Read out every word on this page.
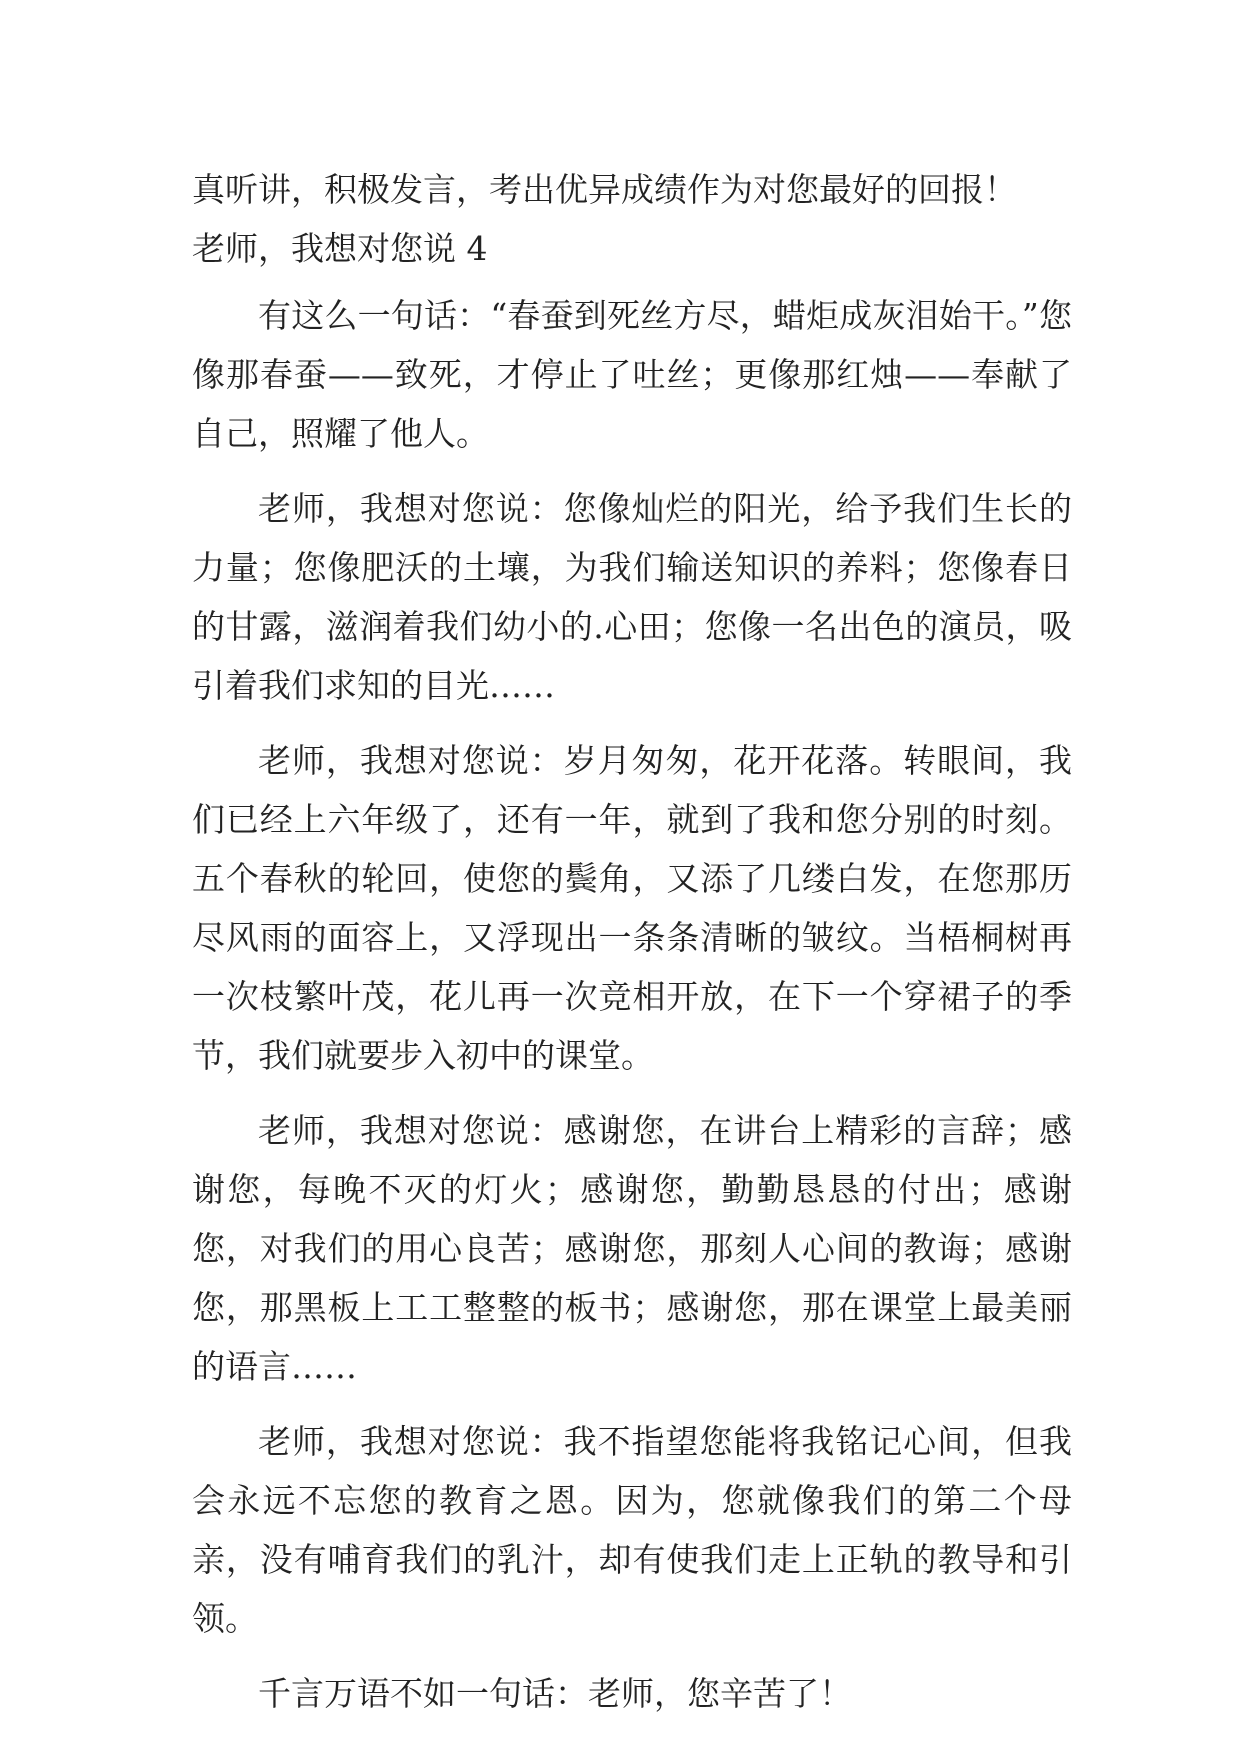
真听讲，积极发言，考出优异成绩作为对您最好的回报！

老师，我想对您说 4

有这么一句话：“春蚕到死丝方尽，蜡炬成灰泪始干。”您像那春蚕——致死，才停止了吐丝；更像那红烛——奉献了自己，照耀了他人。

老师，我想对您说：您像灿烂的阳光，给予我们生长的力量；您像肥沃的土壤，为我们输送知识的养料；您像春日的甘露，滋润着我们幼小的.心田；您像一名出色的演员，吸引着我们求知的目光……

老师，我想对您说：岁月匆匆，花开花落。转眼间，我们已经上六年级了，还有一年，就到了我和您分别的时刻。五个春秋的轮回，使您的鬓角，又添了几缕白发，在您那历尽风雨的面容上，又浮现出一条条清晰的皱纹。当梧桐树再一次枝繁叶茂，花儿再一次竞相开放，在下一个穿裙子的季节，我们就要步入初中的课堂。

老师，我想对您说：感谢您，在讲台上精彩的言辞；感谢您，每晚不灭的灯火；感谢您，勤勤恳恳的付出；感谢您，对我们的用心良苦；感谢您，那刻人心间的教诲；感谢您，那黑板上工工整整的板书；感谢您，那在课堂上最美丽的语言……

老师，我想对您说：我不指望您能将我铭记心间，但我会永远不忘您的教育之恩。因为，您就像我们的第二个母亲，没有哺育我们的乳汁，却有使我们走上正轨的教导和引领。

千言万语不如一句话：老师，您辛苦了！
